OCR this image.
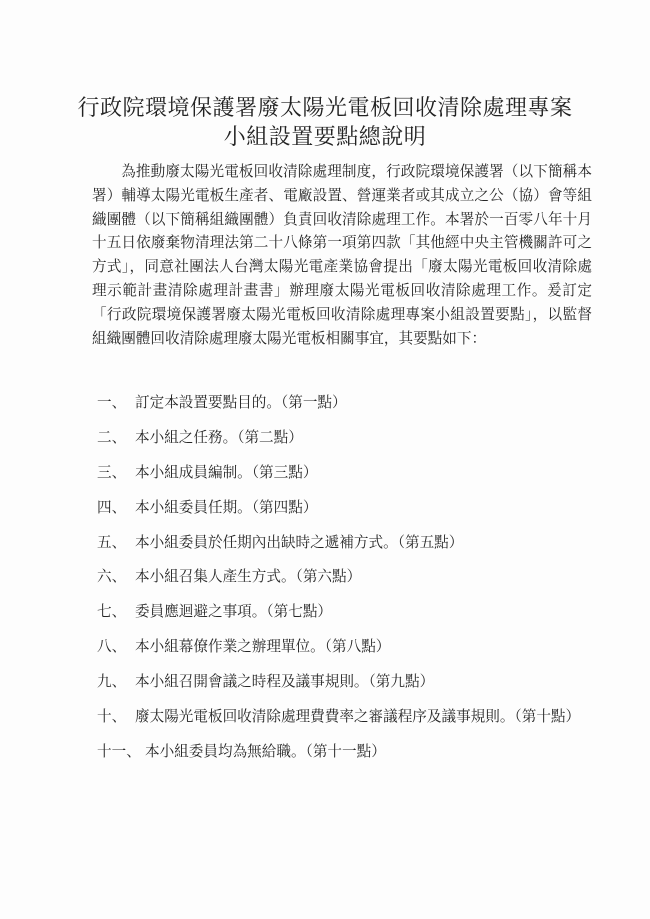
行政院環境保護署廢太陽光電板回收清除處理專案
小組設置要點總說明

為推動廢太陽光電板回收清除處理制度，行政院環境保護署（以下簡稱本署）輔導太陽光電板生產者、電廠設置、營運業者或其成立之公（協）會等組織團體（以下簡稱組織團體）負責回收清除處理工作。本署於一百零八年十月十五日依廢棄物清理法第二十八條第一項第四款「其他經中央主管機關許可之方式」，同意社團法人台灣太陽光電產業協會提出「廢太陽光電板回收清除處理示範計畫清除處理計畫書」辦理廢太陽光電板回收清除處理工作。爰訂定「行政院環境保護署廢太陽光電板回收清除處理專案小組設置要點」，以監督組織團體回收清除處理廢太陽光電板相關事宜，其要點如下：

一、 訂定本設置要點目的。（第一點）
二、 本小組之任務。（第二點）
三、 本小組成員編制。（第三點）
四、 本小組委員任期。（第四點）
五、 本小組委員於任期內出缺時之遞補方式。（第五點）
六、 本小組召集人產生方式。（第六點）
七、 委員應迴避之事項。（第七點）
八、 本小組幕僚作業之辦理單位。（第八點）
九、 本小組召開會議之時程及議事規則。（第九點）
十、 廢太陽光電板回收清除處理費費率之審議程序及議事規則。（第十點）
十一、 本小組委員均為無給職。（第十一點）
